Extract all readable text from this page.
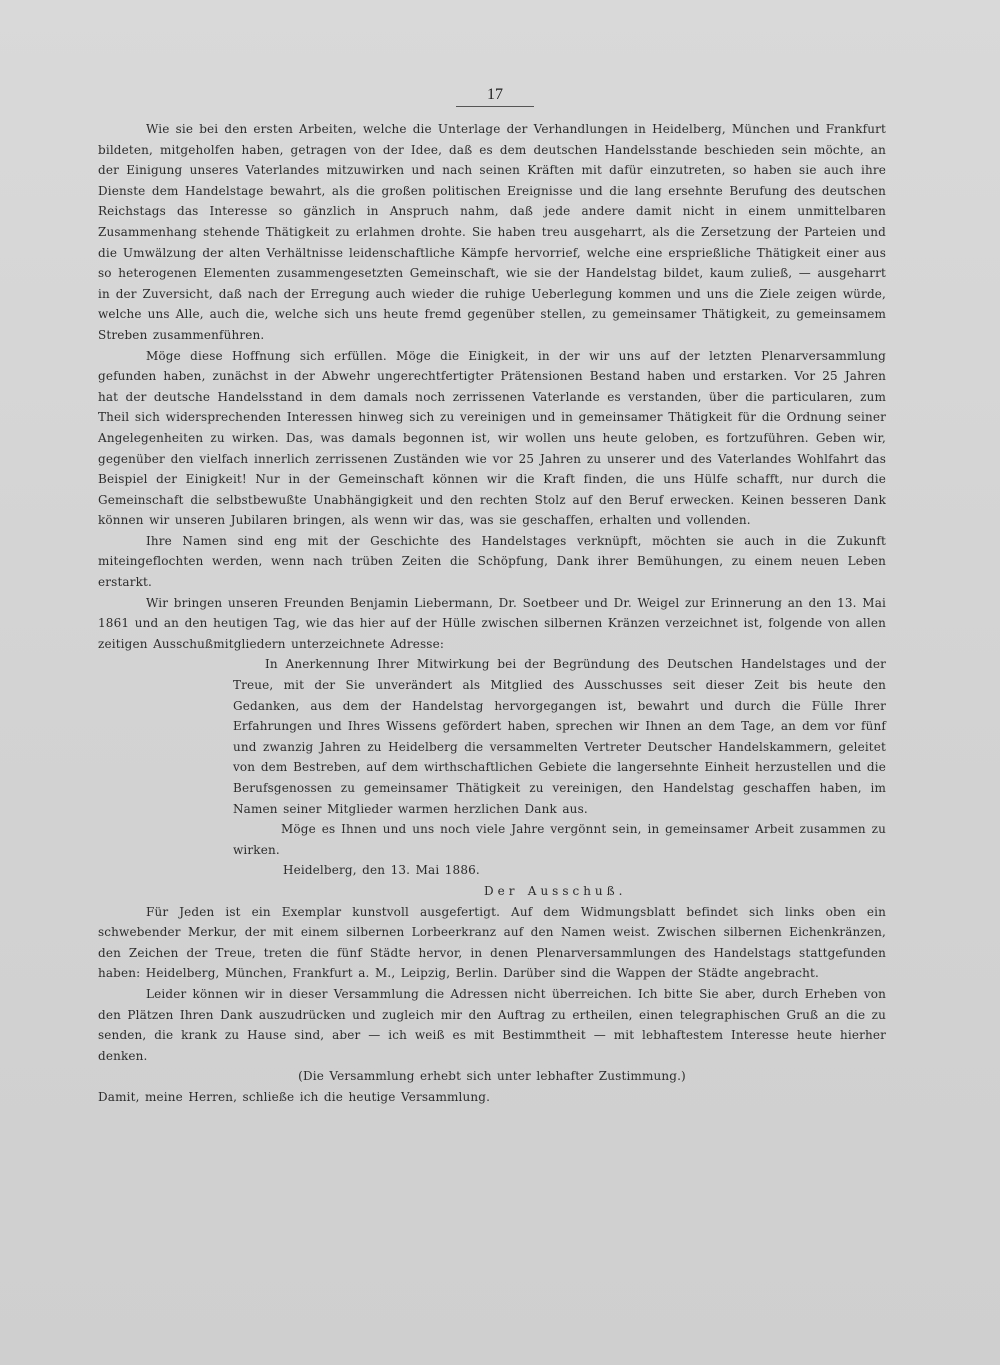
17

Wie sie bei den ersten Arbeiten, welche die Unterlage der Verhandlungen in Heidelberg, München und Frankfurt bildeten, mitgeholfen haben, getragen von der Idee, daß es dem deutschen Handelsstande beschieden sein möchte, an der Einigung unseres Vaterlandes mitzuwirken und nach seinen Kräften mit dafür einzutreten, so haben sie auch ihre Dienste dem Handelstage bewahrt, als die großen politischen Ereignisse und die lang ersehnte Berufung des deutschen Reichstags das Interesse so gänzlich in Anspruch nahm, daß jede andere damit nicht in einem unmittelbaren Zusammenhang stehende Thätigkeit zu erlahmen drohte. Sie haben treu ausgeharrt, als die Zersetzung der Parteien und die Umwälzung der alten Verhältnisse leidenschaftliche Kämpfe hervorrief, welche eine ersprießliche Thätigkeit einer aus so heterogenen Elementen zusammengesetzten Gemeinschaft, wie sie der Handelstag bildet, kaum zuließ, — ausgeharrt in der Zuversicht, daß nach der Erregung auch wieder die ruhige Ueberlegung kommen und uns die Ziele zeigen würde, welche uns Alle, auch die, welche sich uns heute fremd gegenüber stellen, zu gemeinsamer Thätigkeit, zu gemeinsamem Streben zusammenführen.

Möge diese Hoffnung sich erfüllen. Möge die Einigkeit, in der wir uns auf der letzten Plenarversammlung gefunden haben, zunächst in der Abwehr ungerechtfertigter Prätensionen Bestand haben und erstarken. Vor 25 Jahren hat der deutsche Handelsstand in dem damals noch zerrissenen Vaterlande es verstanden, über die particularen, zum Theil sich widersprechenden Interessen hinweg sich zu vereinigen und in gemeinsamer Thätigkeit für die Ordnung seiner Angelegenheiten zu wirken. Das, was damals begonnen ist, wir wollen uns heute geloben, es fortzuführen. Geben wir, gegenüber den vielfach innerlich zerrissenen Zuständen wie vor 25 Jahren zu unserer und des Vaterlandes Wohlfahrt das Beispiel der Einigkeit! Nur in der Gemeinschaft können wir die Kraft finden, die uns Hülfe schafft, nur durch die Gemeinschaft die selbstbewußte Unabhängigkeit und den rechten Stolz auf den Beruf erwecken. Keinen besseren Dank können wir unseren Jubilaren bringen, als wenn wir das, was sie geschaffen, erhalten und vollenden.

Ihre Namen sind eng mit der Geschichte des Handelstages verknüpft, möchten sie auch in die Zukunft miteingeflochten werden, wenn nach trüben Zeiten die Schöpfung, Dank ihrer Bemühungen, zu einem neuen Leben erstarkt.

Wir bringen unseren Freunden Benjamin Liebermann, Dr. Soetbeer und Dr. Weigel zur Erinnerung an den 13. Mai 1861 und an den heutigen Tag, wie das hier auf der Hülle zwischen silbernen Kränzen verzeichnet ist, folgende von allen zeitigen Ausschußmitgliedern unterzeichnete Adresse:

In Anerkennung Ihrer Mitwirkung bei der Begründung des Deutschen Handelstages und der Treue, mit der Sie unverändert als Mitglied des Ausschusses seit dieser Zeit bis heute den Gedanken, aus dem der Handelstag hervorgegangen ist, bewahrt und durch die Fülle Ihrer Erfahrungen und Ihres Wissens gefördert haben, sprechen wir Ihnen an dem Tage, an dem vor fünf und zwanzig Jahren zu Heidelberg die versammelten Vertreter Deutscher Handelskammern, geleitet von dem Bestreben, auf dem wirthschaftlichen Gebiete die langersehnte Einheit herzustellen und die Berufsgenossen zu gemeinsamer Thätigkeit zu vereinigen, den Handelstag geschaffen haben, im Namen seiner Mitglieder warmen herzlichen Dank aus.

Möge es Ihnen und uns noch viele Jahre vergönnt sein, in gemeinsamer Arbeit zusammen zu wirken.

Heidelberg, den 13. Mai 1886.

Der Ausschuß.

Für Jeden ist ein Exemplar kunstvoll ausgefertigt. Auf dem Widmungsblatt befindet sich links oben ein schwebender Merkur, der mit einem silbernen Lorbeerkranz auf den Namen weist. Zwischen silbernen Eichenkränzen, den Zeichen der Treue, treten die fünf Städte hervor, in denen Plenarversammlungen des Handelstags stattgefunden haben: Heidelberg, München, Frankfurt a. M., Leipzig, Berlin. Darüber sind die Wappen der Städte angebracht.

Leider können wir in dieser Versammlung die Adressen nicht überreichen. Ich bitte Sie aber, durch Erheben von den Plätzen Ihren Dank auszudrücken und zugleich mir den Auftrag zu ertheilen, einen telegraphischen Gruß an die zu senden, die krank zu Hause sind, aber — ich weiß es mit Bestimmtheit — mit lebhaftestem Interesse heute hierher denken.

(Die Versammlung erhebt sich unter lebhafter Zustimmung.)

Damit, meine Herren, schließe ich die heutige Versammlung.
